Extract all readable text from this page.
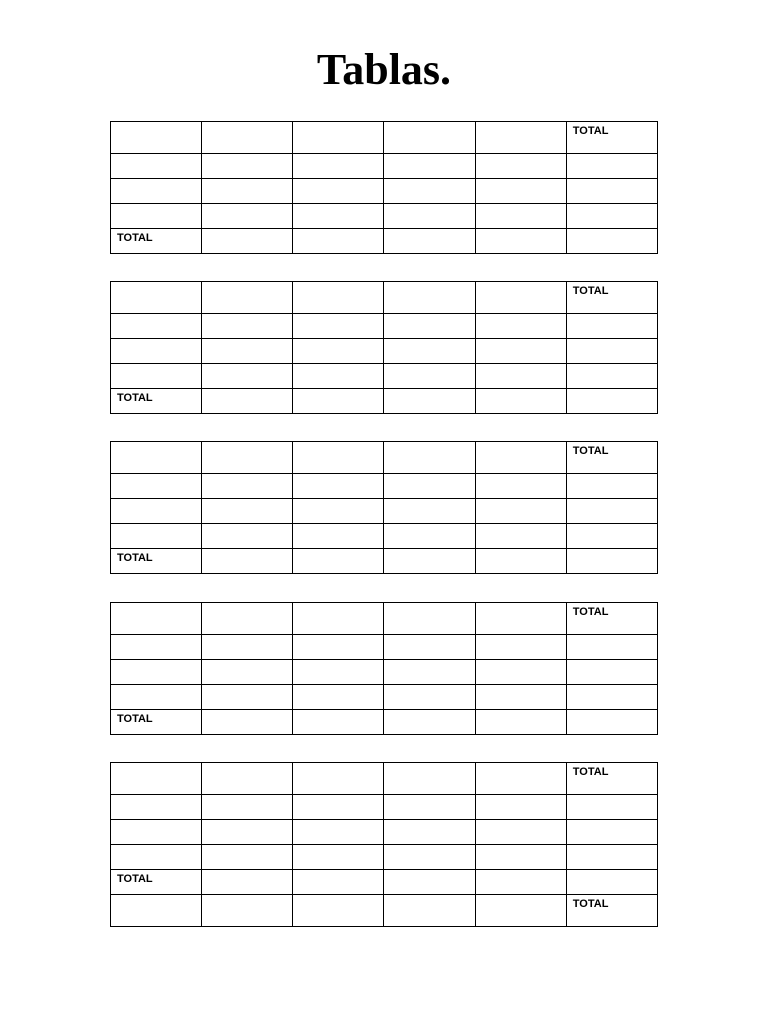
Tablas.

					TOTAL

TOTAL					

					TOTAL

TOTAL					

					TOTAL

TOTAL					

					TOTAL

TOTAL					

					TOTAL

TOTAL					

					TOTAL
